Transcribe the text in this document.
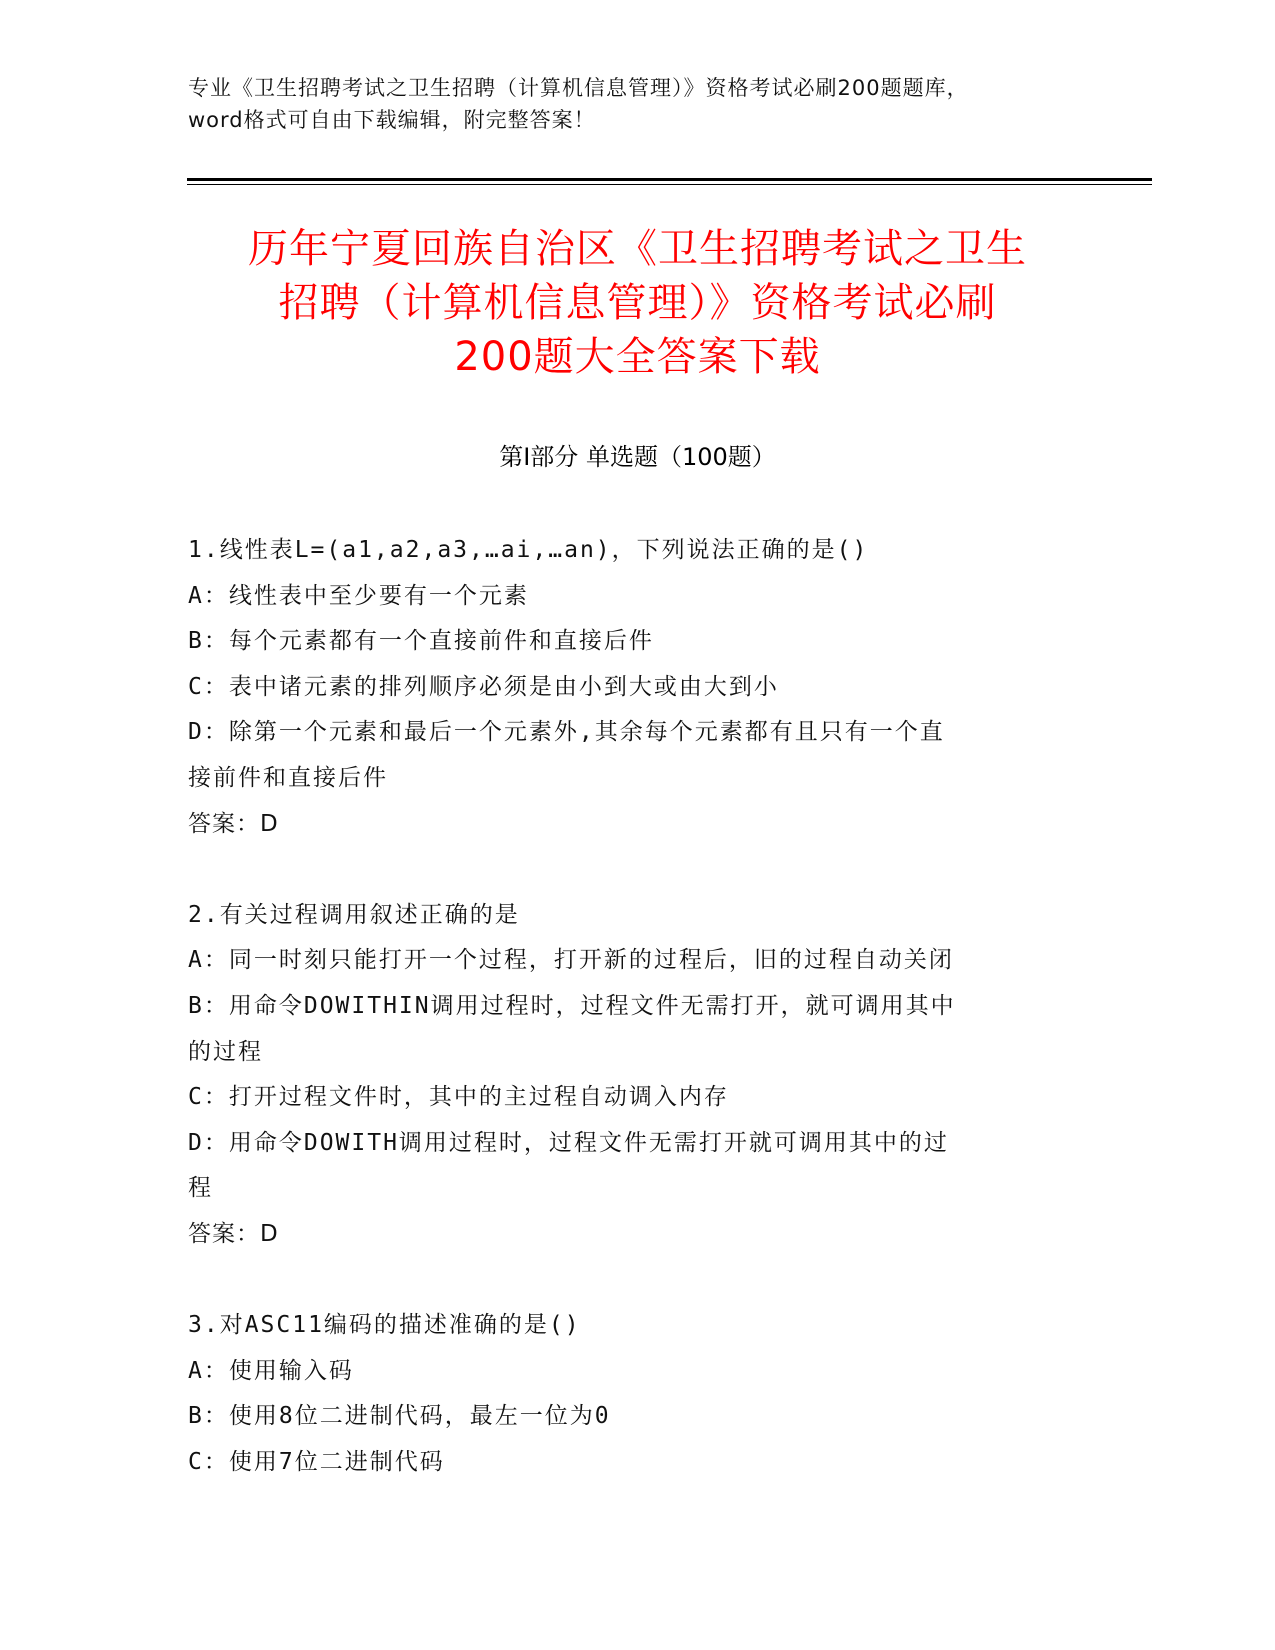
专业《卫生招聘考试之卫生招聘（计算机信息管理）》资格考试必刷200题题库，
word格式可自由下载编辑，附完整答案！
历年宁夏回族自治区《卫生招聘考试之卫生
招聘（计算机信息管理）》资格考试必刷
200题大全答案下载
第Ⅰ部分 单选题（100题）
1.线性表L=(a1,a2,a3,…ai,…an)，下列说法正确的是()
A：线性表中至少要有一个元素
B：每个元素都有一个直接前件和直接后件
C：表中诸元素的排列顺序必须是由小到大或由大到小
D：除第一个元素和最后一个元素外,其余每个元素都有且只有一个直
接前件和直接后件
答案：D
2.有关过程调用叙述正确的是
A：同一时刻只能打开一个过程，打开新的过程后，旧的过程自动关闭
B：用命令DOWITHIN调用过程时，过程文件无需打开，就可调用其中
的过程
C：打开过程文件时，其中的主过程自动调入内存
D：用命令DOWITH调用过程时，过程文件无需打开就可调用其中的过
程
答案：D
3.对ASC11编码的描述准确的是()
A：使用输入码
B：使用8位二进制代码，最左一位为0
C：使用7位二进制代码
